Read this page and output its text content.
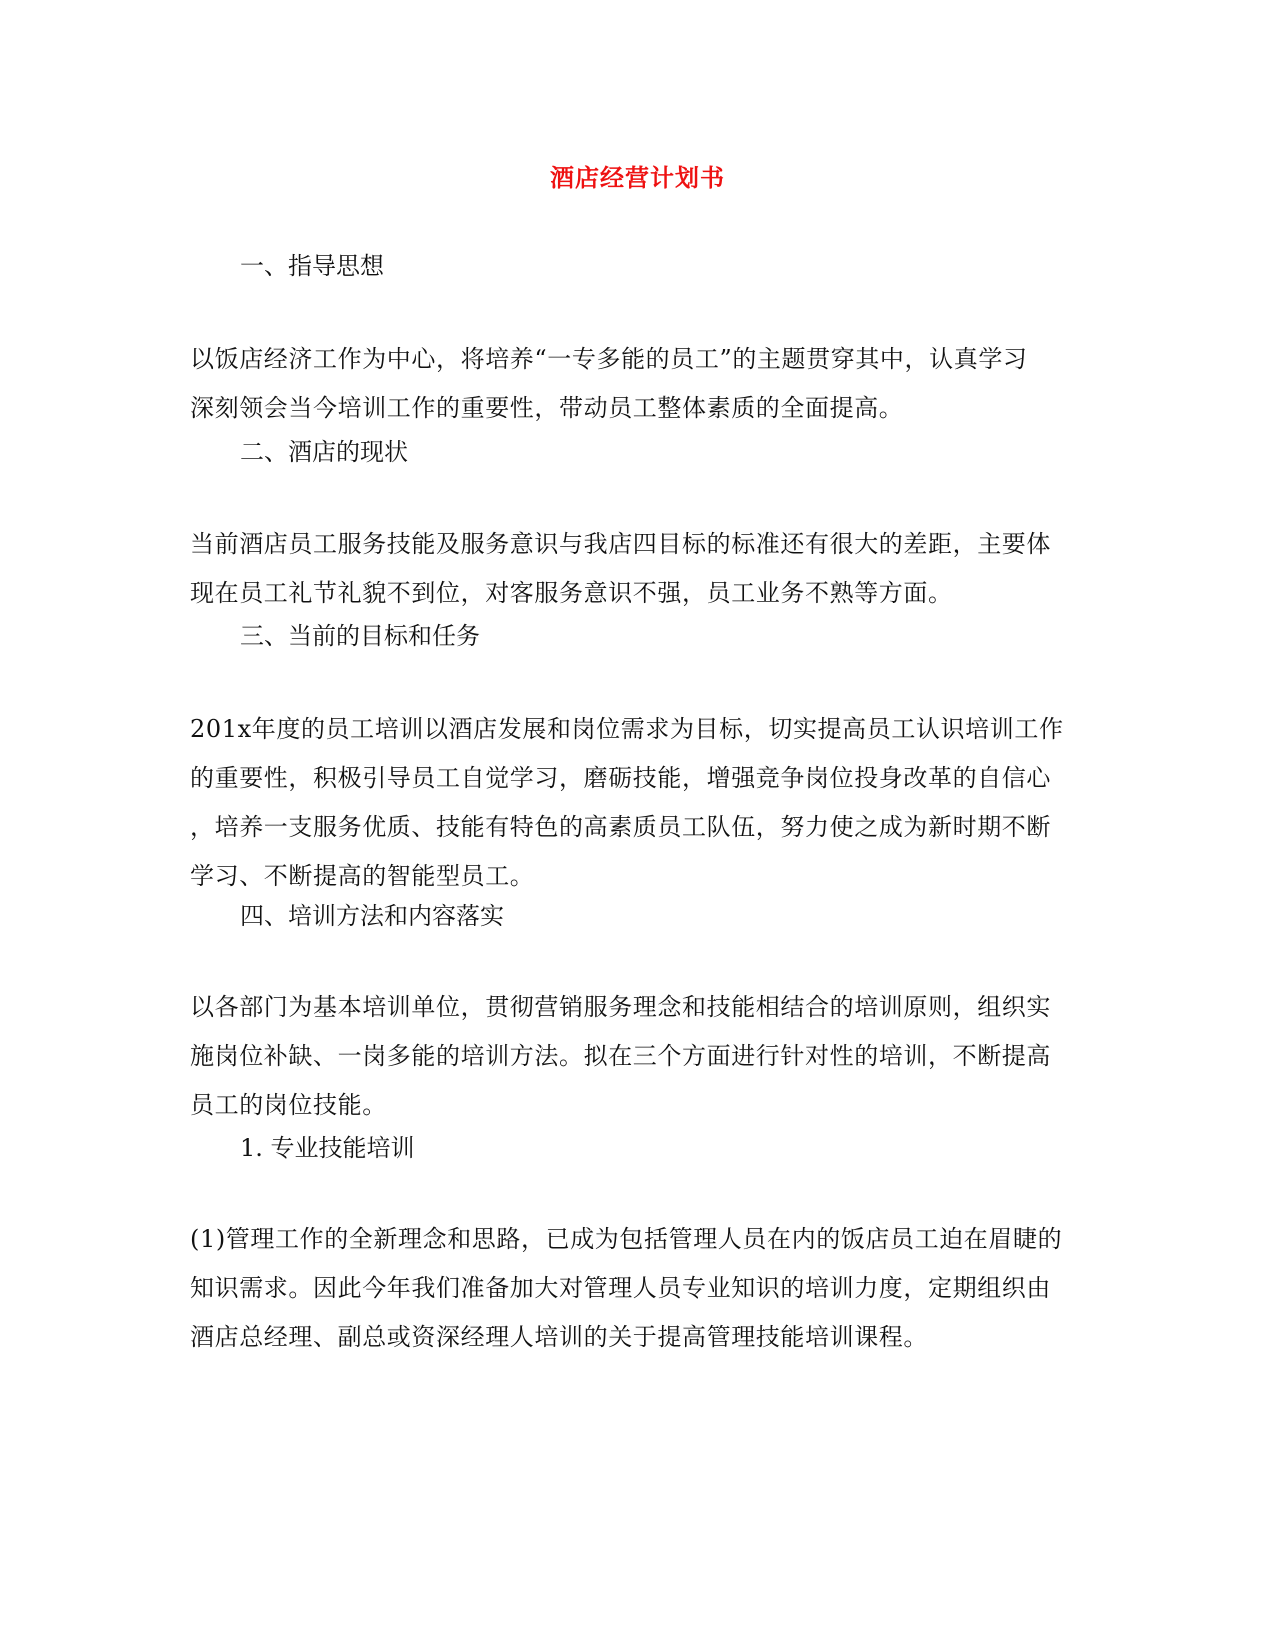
酒店经营计划书
一、指导思想
以饭店经济工作为中心，将培养“一专多能的员工”的主题贯穿其中，认真学习
深刻领会当今培训工作的重要性，带动员工整体素质的全面提高。
二、酒店的现状
当前酒店员工服务技能及服务意识与我店四目标的标准还有很大的差距，主要体
现在员工礼节礼貌不到位，对客服务意识不强，员工业务不熟等方面。
三、当前的目标和任务
201x年度的员工培训以酒店发展和岗位需求为目标，切实提高员工认识培训工作
的重要性，积极引导员工自觉学习，磨砺技能，增强竞争岗位投身改革的自信心
，培养一支服务优质、技能有特色的高素质员工队伍，努力使之成为新时期不断
学习、不断提高的智能型员工。
四、培训方法和内容落实
以各部门为基本培训单位，贯彻营销服务理念和技能相结合的培训原则，组织实
施岗位补缺、一岗多能的培训方法。拟在三个方面进行针对性的培训，不断提高
员工的岗位技能。
1. 专业技能培训
(1)管理工作的全新理念和思路，已成为包括管理人员在内的饭店员工迫在眉睫的
知识需求。因此今年我们准备加大对管理人员专业知识的培训力度，定期组织由
酒店总经理、副总或资深经理人培训的关于提高管理技能培训课程。
